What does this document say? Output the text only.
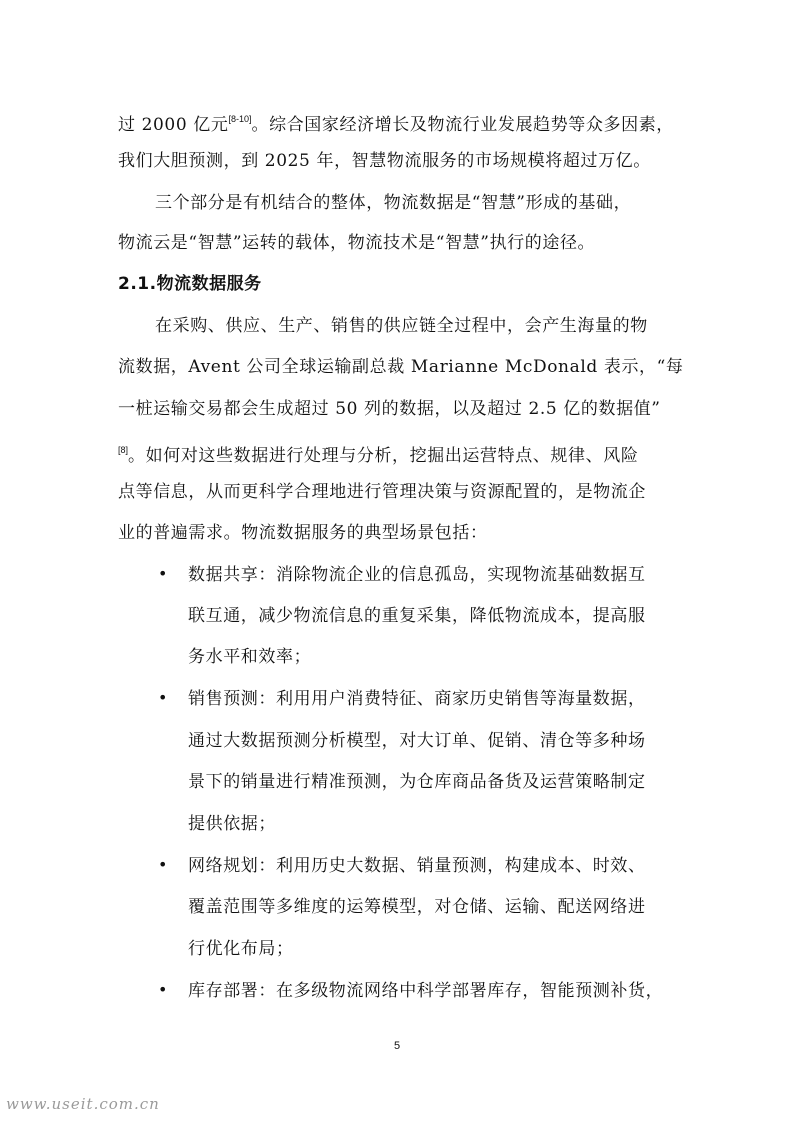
过 2000 亿元[8-10]。综合国家经济增长及物流行业发展趋势等众多因素，
我们大胆预测，到 2025 年，智慧物流服务的市场规模将超过万亿。
三个部分是有机结合的整体，物流数据是“智慧”形成的基础，
物流云是“智慧”运转的载体，物流技术是“智慧”执行的途径。
2.1.物流数据服务
在采购、供应、生产、销售的供应链全过程中，会产生海量的物
流数据，Avent 公司全球运输副总裁 Marianne McDonald 表示，“每
一桩运输交易都会生成超过 50 列的数据，以及超过 2.5 亿的数据值”
[8]。如何对这些数据进行处理与分析，挖掘出运营特点、规律、风险
点等信息，从而更科学合理地进行管理决策与资源配置的，是物流企
业的普遍需求。物流数据服务的典型场景包括：
• 数据共享：消除物流企业的信息孤岛，实现物流基础数据互
联互通，减少物流信息的重复采集，降低物流成本，提高服
务水平和效率；
• 销售预测：利用用户消费特征、商家历史销售等海量数据，
通过大数据预测分析模型，对大订单、促销、清仓等多种场
景下的销量进行精准预测，为仓库商品备货及运营策略制定
提供依据；
• 网络规划：利用历史大数据、销量预测，构建成本、时效、
覆盖范围等多维度的运筹模型，对仓储、运输、配送网络进
行优化布局；
• 库存部署：在多级物流网络中科学部署库存，智能预测补货，
5
www.useit.com.cn
